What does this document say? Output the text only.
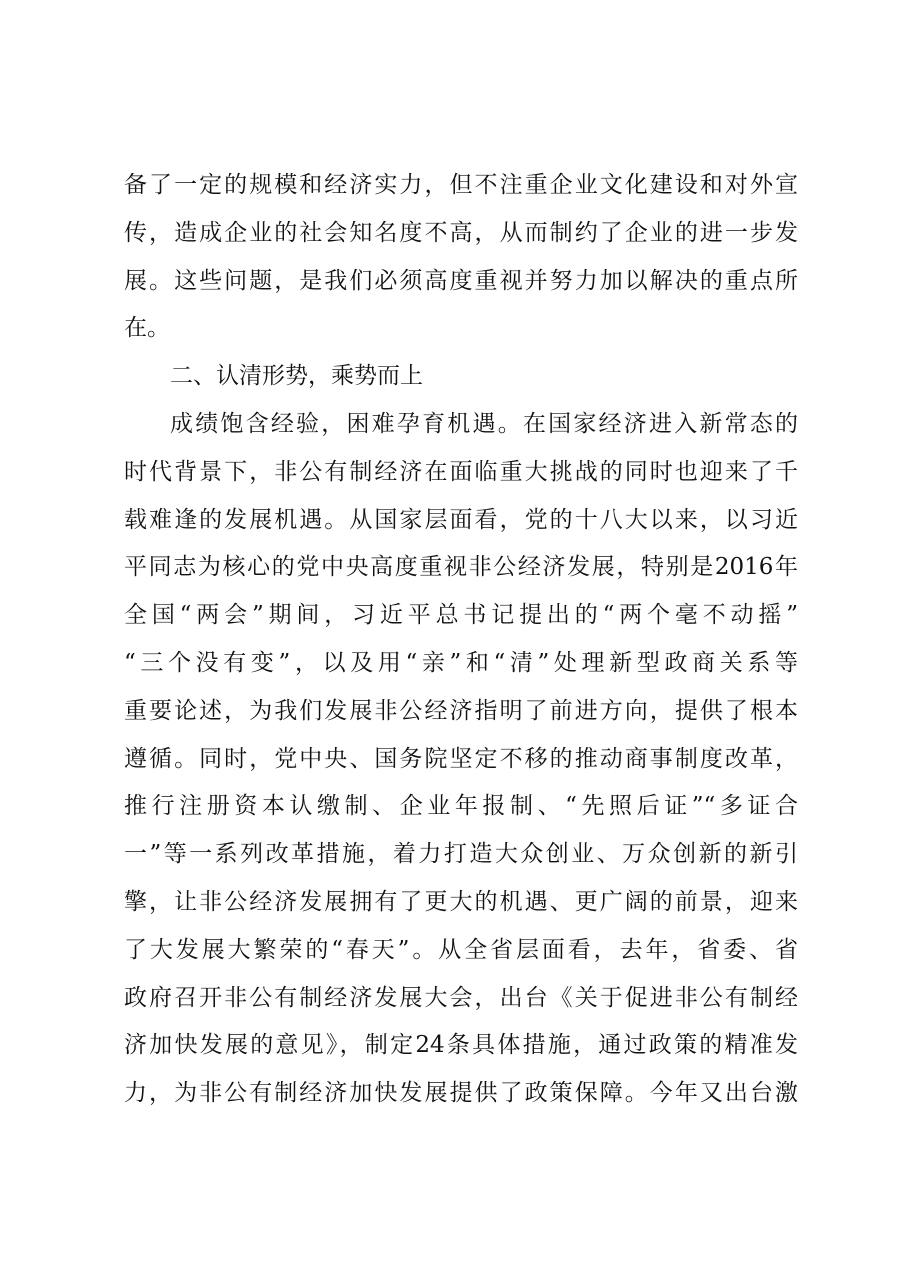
备了一定的规模和经济实力，但不注重企业文化建设和对外宣
传，造成企业的社会知名度不高，从而制约了企业的进一步发
展。这些问题，是我们必须高度重视并努力加以解决的重点所
在。
二、认清形势，乘势而上
成绩饱含经验，困难孕育机遇。在国家经济进入新常态的
时代背景下，非公有制经济在面临重大挑战的同时也迎来了千
载难逢的发展机遇。从国家层面看，党的十八大以来，以习近
平同志为核心的党中央高度重视非公经济发展，特别是2016年
全国“两会”期间，习近平总书记提出的“两个毫不动摇”
“三个没有变”，以及用“亲”和“清”处理新型政商关系等
重要论述，为我们发展非公经济指明了前进方向，提供了根本
遵循。同时，党中央、国务院坚定不移的推动商事制度改革，
推行注册资本认缴制、企业年报制、“先照后证”“多证合
一”等一系列改革措施，着力打造大众创业、万众创新的新引
擎，让非公经济发展拥有了更大的机遇、更广阔的前景，迎来
了大发展大繁荣的“春天”。从全省层面看，去年，省委、省
政府召开非公有制经济发展大会，出台《关于促进非公有制经
济加快发展的意见》，制定24条具体措施，通过政策的精准发
力，为非公有制经济加快发展提供了政策保障。今年又出台激
